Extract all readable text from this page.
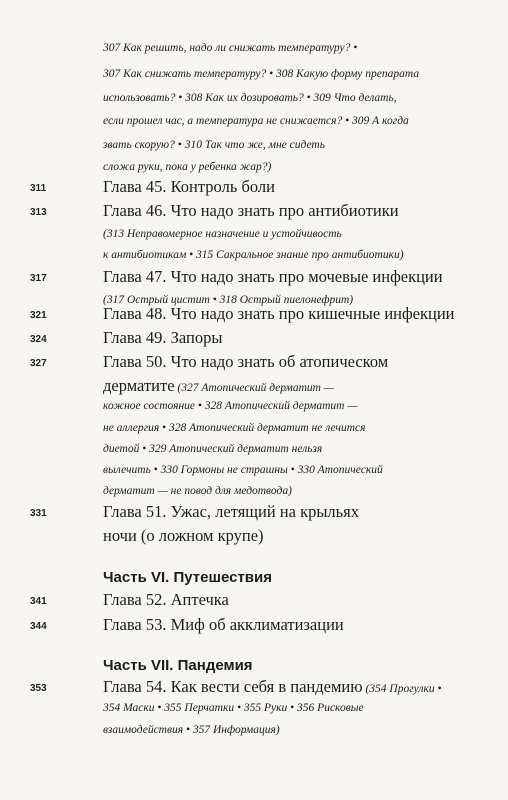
307 Как решить, надо ли снижать температуру? •
307 Как снижать температуру? • 308 Какую форму препарата
использовать? • 308 Как их дозировать? • 309 Что делать,
если прошел час, а температура не снижается? • 309 А когда
звать скорую? • 310 Так что же, мне сидеть
сложа руки, пока у ребенка жар?)
311	Глава 45. Контроль боли
313	Глава 46. Что надо знать про антибиотики
(313 Неправомерное назначение и устойчивость
к антибиотикам • 315 Сакральное знание про антибиотики)
317	Глава 47. Что надо знать про мочевые инфекции
(317 Острый цистит • 318 Острый пиелонефрит)
321	Глава 48. Что надо знать про кишечные инфекции
324	Глава 49. Запоры
327	Глава 50. Что надо знать об атопическом
дерматите (327 Атопический дерматит —
кожное состояние • 328 Атопический дерматит —
не аллергия • 328 Атопический дерматит не лечится
диетой • 329 Атопический дерматит нельзя
вылечить • 330 Гормоны не страшны • 330 Атопический
дерматит — не повод для медотвода)
331	Глава 51. Ужас, летящий на крыльях
ночи (о ложном крупе)
Часть VI. Путешествия
341	Глава 52. Аптечка
344	Глава 53. Миф об акклиматизации
Часть VII. Пандемия
353	Глава 54. Как вести себя в пандемию (354 Прогулки •
354 Маски • 355 Перчатки • 355 Руки • 356 Рисковые
взаимодействия • 357 Информация)
